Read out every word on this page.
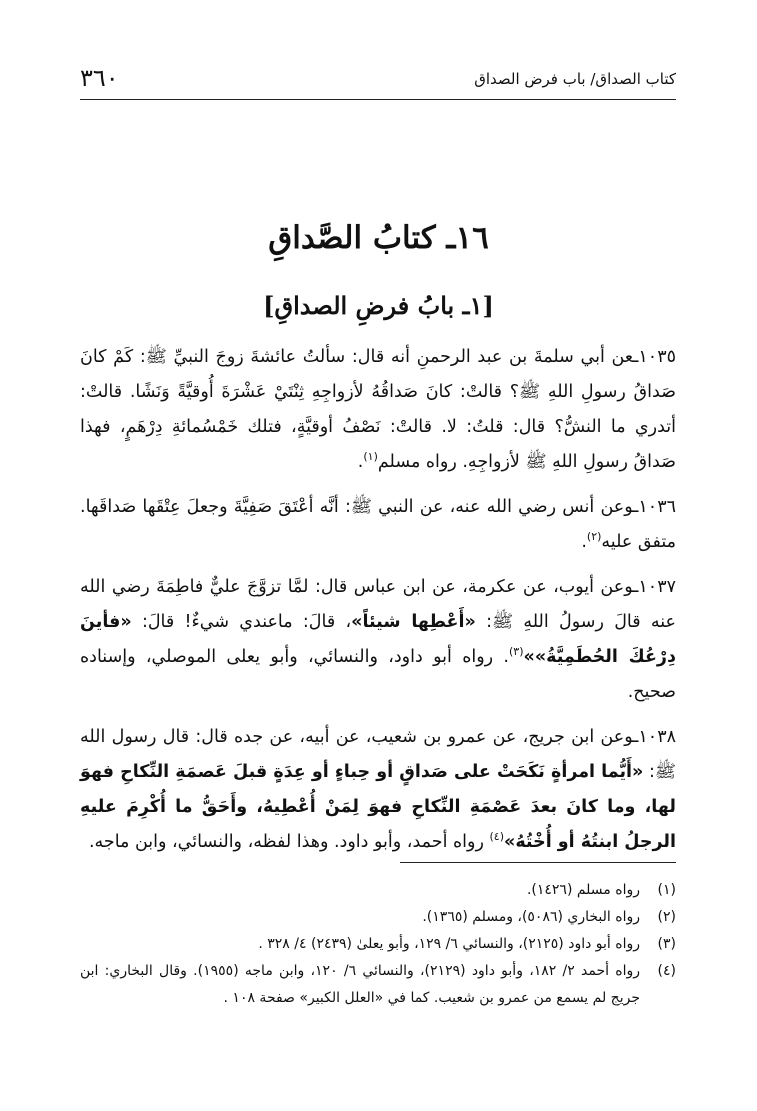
٣٦٠	كتاب الصداق/ باب فرض الصداق
١٦ـ كتابُ الصَّداقِ
[١ـ بابُ فرضِ الصداقِ]

١٠٣٥ـعن أبي سلمةَ بن عبد الرحمنِ أنه قال: سألتُ عائشةَ زوجَ النبيِّ ﷺ: كَمْ كانَ صَداقُ رسولِ اللهِ ﷺ؟ قالتْ: كانَ صَداقُهُ لأزواجِهِ ثِنْتَيْ عَشْرَةَ أُوقيَّةً وَنَشًا. قالتْ: أتدري ما النشُّ؟ قال: قلتُ: لا. قالتْ: نَصْفُ أوقيَّةٍ، فتلك خَمْسُمائةِ دِرْهَمٍ، فهذا صَداقُ رسولِ اللهِ ﷺ لأزواجِهِ. رواه مسلم$^{(١)}$.

١٠٣٦ـوعن أنس رضي الله عنه، عن النبي ﷺ: أنَّه أعْتَقَ صَفِيَّةَ وجعلَ عِتْقَها صَداقَها. متفق عليه$^{(٢)}$.

١٠٣٧ـوعن أيوب، عن عكرمة، عن ابن عباس قال: لمَّا تزوَّجَ عليٌّ فاطِمَةَ رضي الله عنه قالَ رسولُ اللهِ ﷺ: «أَعْطِها شيئاً»، قالَ: ماعندي شيءٌ! قالَ: «فأينَ دِرْعُكَ الحُطَمِيَّةُ»»$^{(٣)}$. رواه أبو داود، والنسائي، وأبو يعلى الموصلي، وإسناده صحيح.

١٠٣٨ـوعن ابن جريج، عن عمرو بن شعيب، عن أبيه، عن جده قال: قال رسول الله ﷺ: «أَيُّما امرأةٍ نَكَحَتْ على صَداقٍ أو حِباءٍ أو عِدَةٍ قبلَ عَصمَةِ النِّكاحِ فهوَ لها، وما كانَ بعدَ عَصْمَةِ النِّكاحِ فهوَ لِمَنْ أُعْطِيهُ، وأَحَقُّ ما أُكْرِمَ عليهِ الرجلُ ابنتُهُ أو أُخْتُهُ»$^{(٤)}$ رواه أحمد، وأبو داود. وهذا لفظه، والنسائي، وابن ماجه.

(١)
رواه مسلم (١٤٢٦).
(٢)
رواه البخاري (٥٠٨٦)، ومسلم (١٣٦٥).
(٣)
رواه أبو داود (٢١٢٥)، والنسائي ٦/ ١٢٩، وأبو يعلىٰ (٢٤٣٩) ٤/ ٣٢٨ .
(٤)
رواه أحمد ٢/ ١٨٢، وأبو داود (٢١٢٩)، والنسائي ٦/ ١٢٠، وابن ماجه (١٩٥٥). وقال البخاري: ابن جريج لم يسمع من عمرو بن شعيب. كما في «العلل الكبير» صفحة ١٠٨ .
